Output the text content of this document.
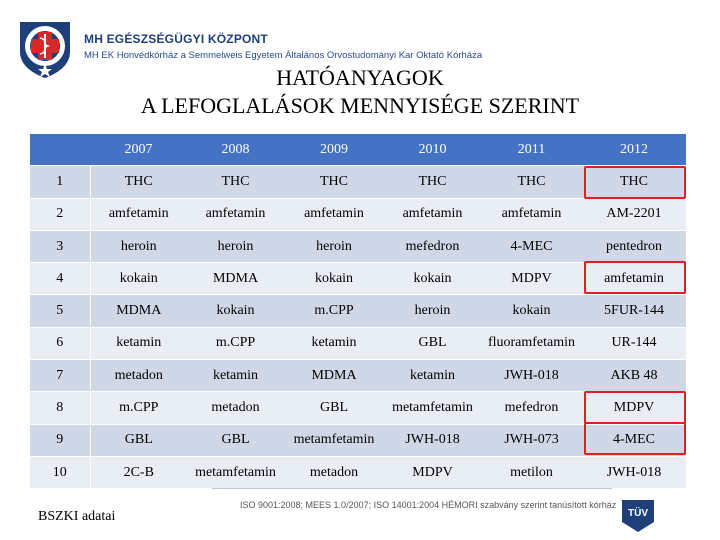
MH EGÉSZSÉGÜGYI KÖZPONT
MH EK Honvédkórház a Semmelweis Egyetem Általános Orvostudományi Kar Oktató Kórháza
HATÓANYAGOK
A LEFOGLALÁSOK MENNYISÉGE SZERINT
	2007	2008	2009	2010	2011	2012
1	THC	THC	THC	THC	THC	THC
2	amfetamin	amfetamin	amfetamin	amfetamin	amfetamin	AM-2201
3	heroin	heroin	heroin	mefedron	4-MEC	pentedron
4	kokain	MDMA	kokain	kokain	MDPV	amfetamin
5	MDMA	kokain	m.CPP	heroin	kokain	5FUR-144
6	ketamin	m.CPP	ketamin	GBL	fluoramfetamin	UR-144
7	metadon	ketamin	MDMA	ketamin	JWH-018	AKB 48
8	m.CPP	metadon	GBL	metamfetamin	mefedron	MDPV
9	GBL	GBL	metamfetamin	JWH-018	JWH-073	4-MEC
10	2C-B	metamfetamin	metadon	MDPV	metilon	JWH-018
BSZKI adatai
ISO 9001:2008; MEES 1.0/2007; ISO 14001:2004 HÉMORI szabvány szerint tanúsított kórház
TÜV
